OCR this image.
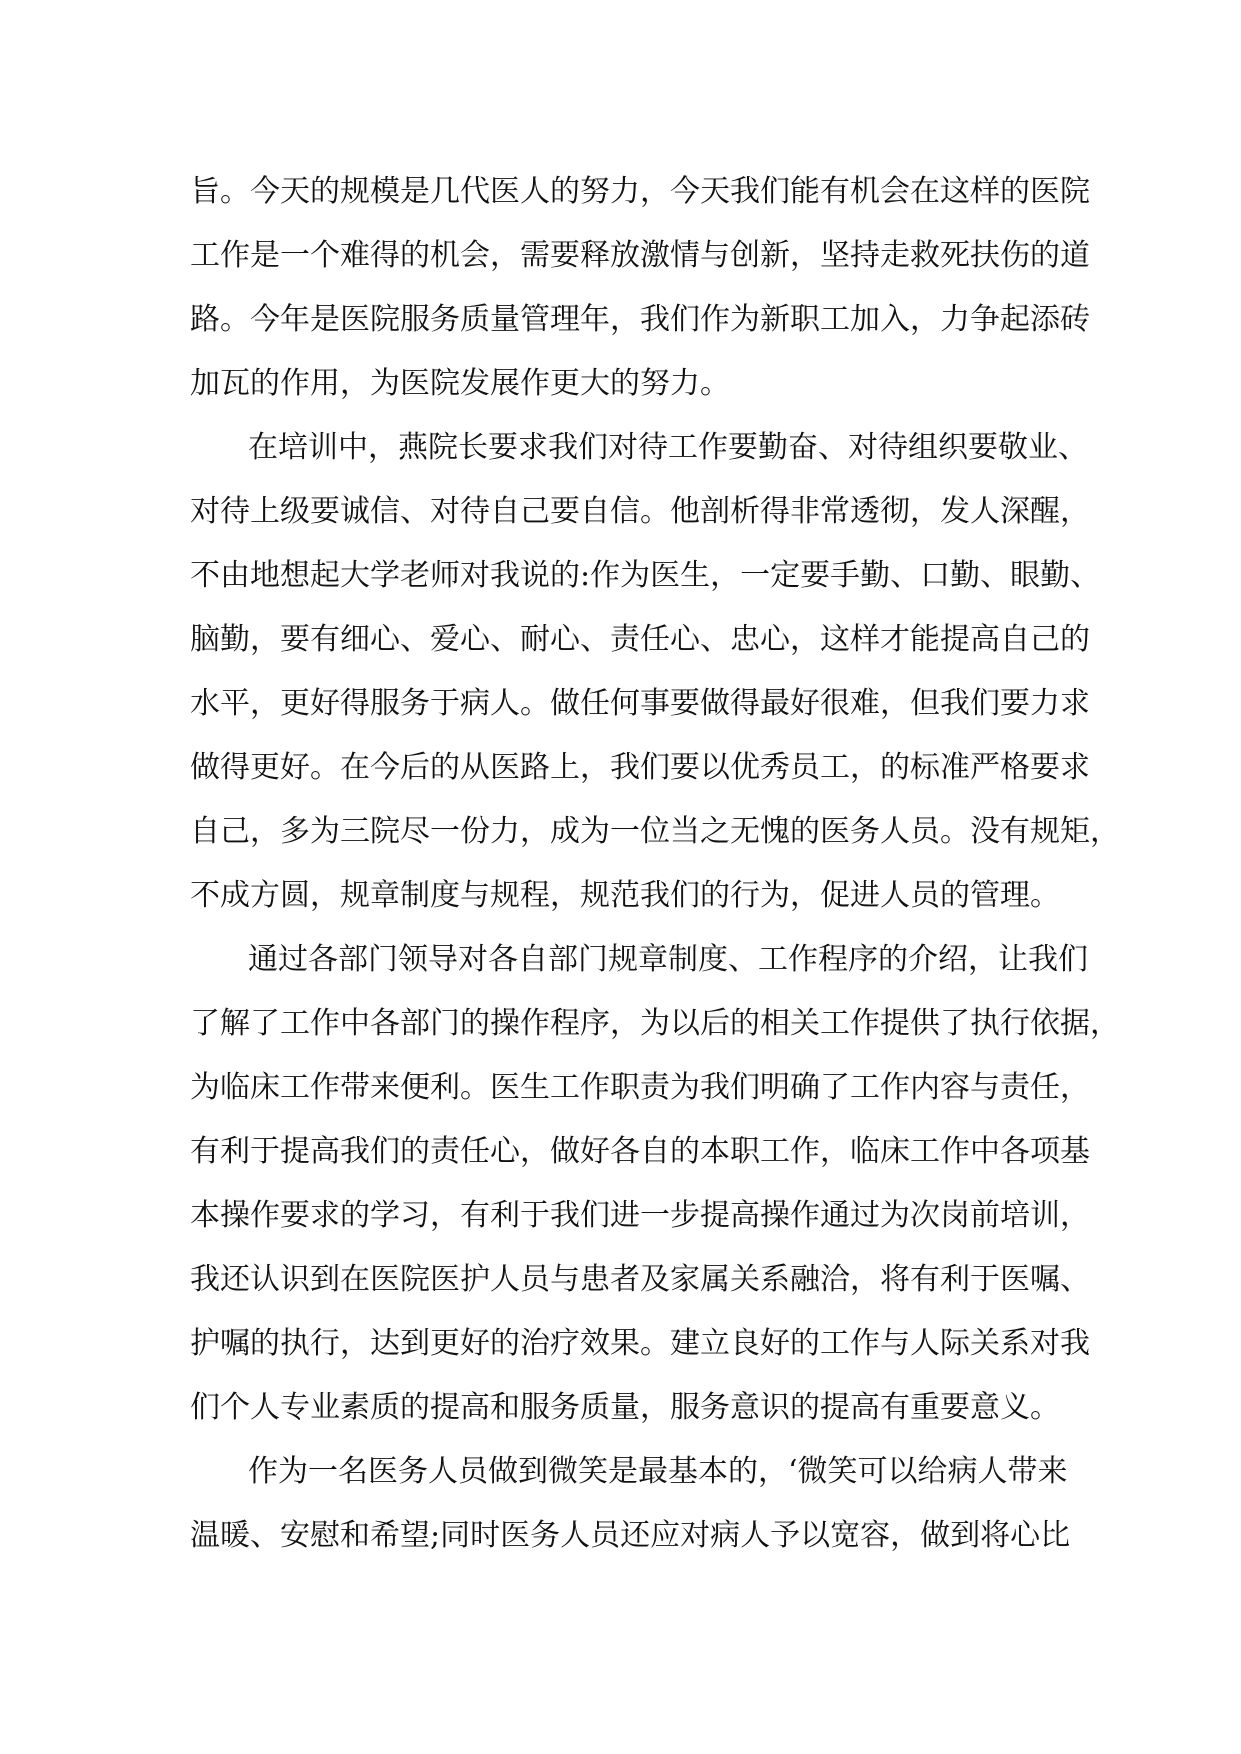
旨。今天的规模是几代医人的努力，今天我们能有机会在这样的医院
工作是一个难得的机会，需要释放激情与创新，坚持走救死扶伤的道
路。今年是医院服务质量管理年，我们作为新职工加入，力争起添砖
加瓦的作用，为医院发展作更大的努力。
在培训中，燕院长要求我们对待工作要勤奋、对待组织要敬业、
对待上级要诚信、对待自己要自信。他剖析得非常透彻，发人深醒，
不由地想起大学老师对我说的:作为医生，一定要手勤、口勤、眼勤、
脑勤，要有细心、爱心、耐心、责任心、忠心，这样才能提高自己的
水平，更好得服务于病人。做任何事要做得最好很难，但我们要力求
做得更好。在今后的从医路上，我们要以优秀员工，的标准严格要求
自己，多为三院尽一份力，成为一位当之无愧的医务人员。没有规矩，
不成方圆，规章制度与规程，规范我们的行为，促进人员的管理。
通过各部门领导对各自部门规章制度、工作程序的介绍，让我们
了解了工作中各部门的操作程序，为以后的相关工作提供了执行依据，
为临床工作带来便利。医生工作职责为我们明确了工作内容与责任，
有利于提高我们的责任心，做好各自的本职工作，临床工作中各项基
本操作要求的学习，有利于我们进一步提高操作通过为次岗前培训，
我还认识到在医院医护人员与患者及家属关系融洽，将有利于医嘱、
护嘱的执行，达到更好的治疗效果。建立良好的工作与人际关系对我
们个人专业素质的提高和服务质量，服务意识的提高有重要意义。
作为一名医务人员做到微笑是最基本的，‘微笑可以给病人带来
温暖、安慰和希望;同时医务人员还应对病人予以宽容，做到将心比
